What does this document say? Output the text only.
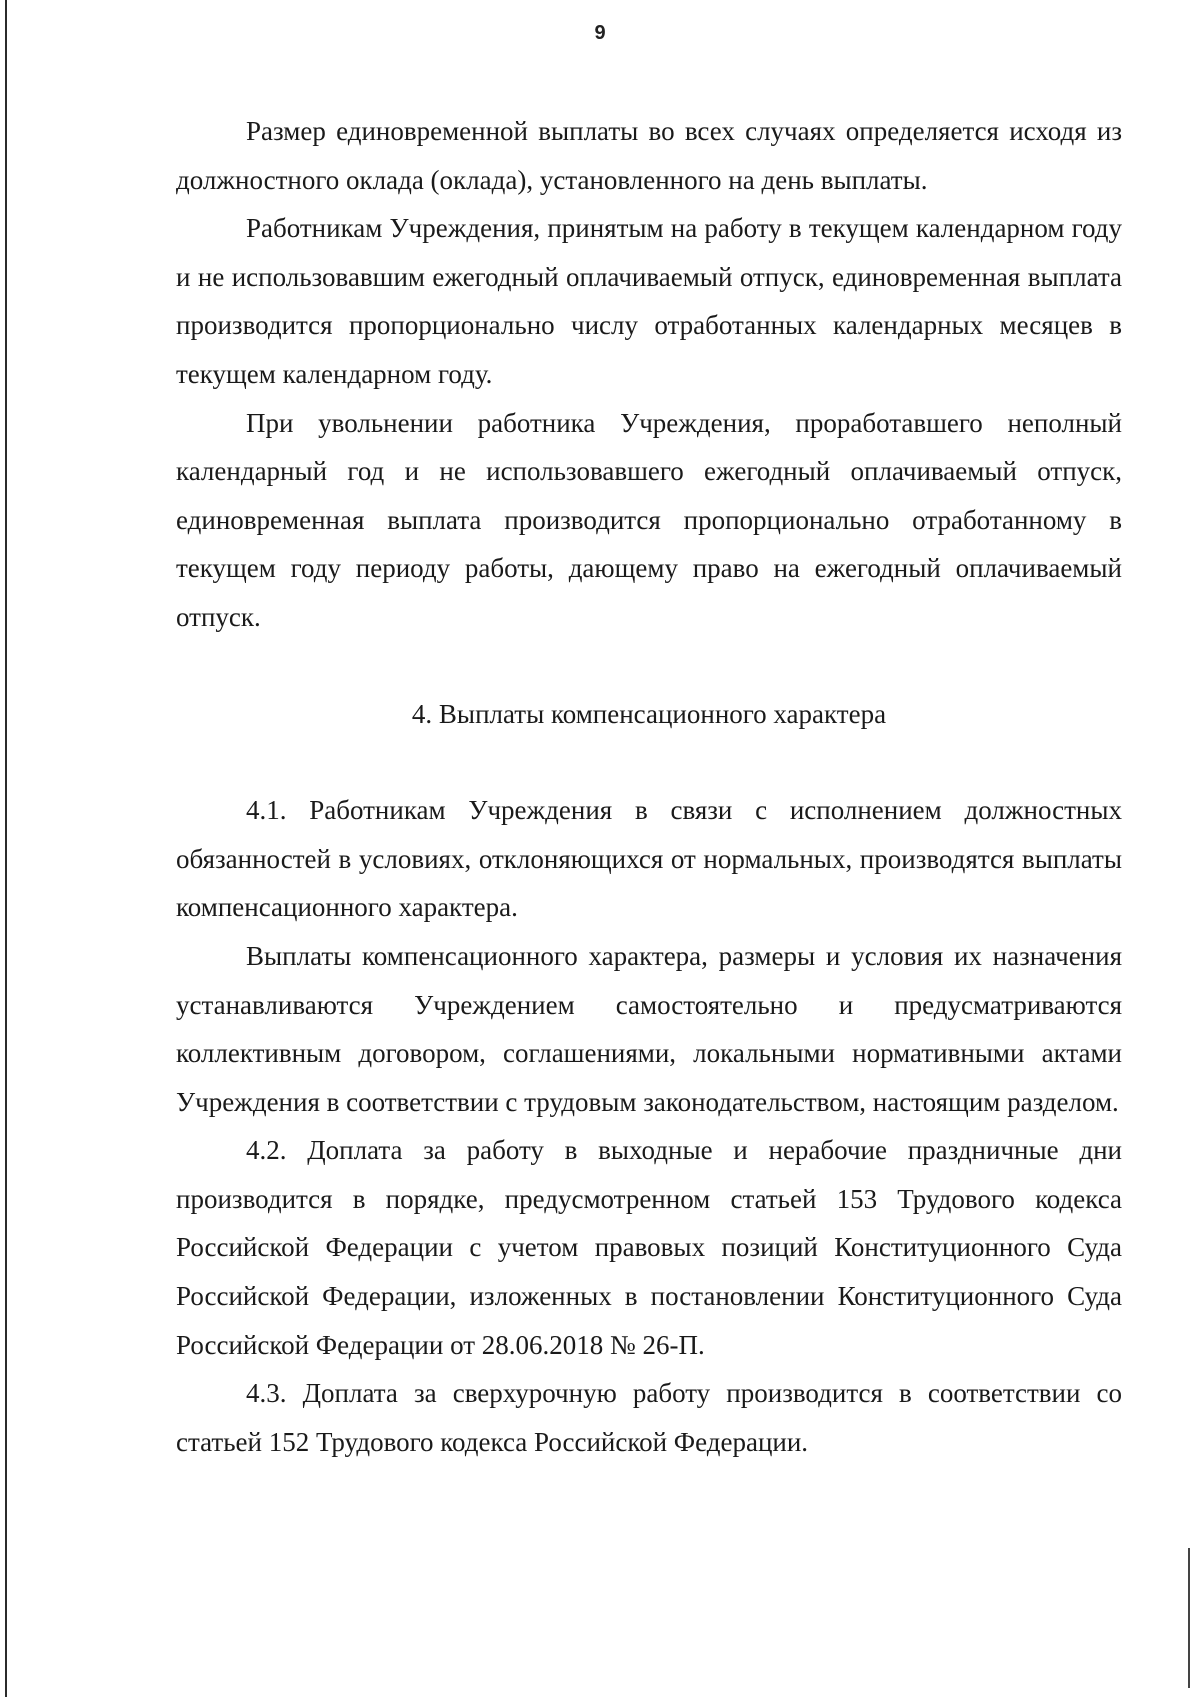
9

Размер единовременной выплаты во всех случаях определяется исходя из должностного оклада (оклада), установленного на день выплаты.

Работникам Учреждения, принятым на работу в текущем календарном году и не использовавшим ежегодный оплачиваемый отпуск, единовременная выплата производится пропорционально числу отработанных календарных месяцев в текущем календарном году.

При увольнении работника Учреждения, проработавшего неполный календарный год и не использовавшего ежегодный оплачиваемый отпуск, единовременная выплата производится пропорционально отработанному в текущем году периоду работы, дающему право на ежегодный оплачиваемый отпуск.

4. Выплаты компенсационного характера

4.1. Работникам Учреждения в связи с исполнением должностных обязанностей в условиях, отклоняющихся от нормальных, производятся выплаты компенсационного характера.

Выплаты компенсационного характера, размеры и условия их назначения устанавливаются Учреждением самостоятельно и предусматриваются коллективным договором, соглашениями, локальными нормативными актами Учреждения в соответствии с трудовым законодательством, настоящим разделом.

4.2. Доплата за работу в выходные и нерабочие праздничные дни производится в порядке, предусмотренном статьей 153 Трудового кодекса Российской Федерации с учетом правовых позиций Конституционного Суда Российской Федерации, изложенных в постановлении Конституционного Суда Российской Федерации от 28.06.2018 № 26-П.

4.3. Доплата за сверхурочную работу производится в соответствии со статьей 152 Трудового кодекса Российской Федерации.
